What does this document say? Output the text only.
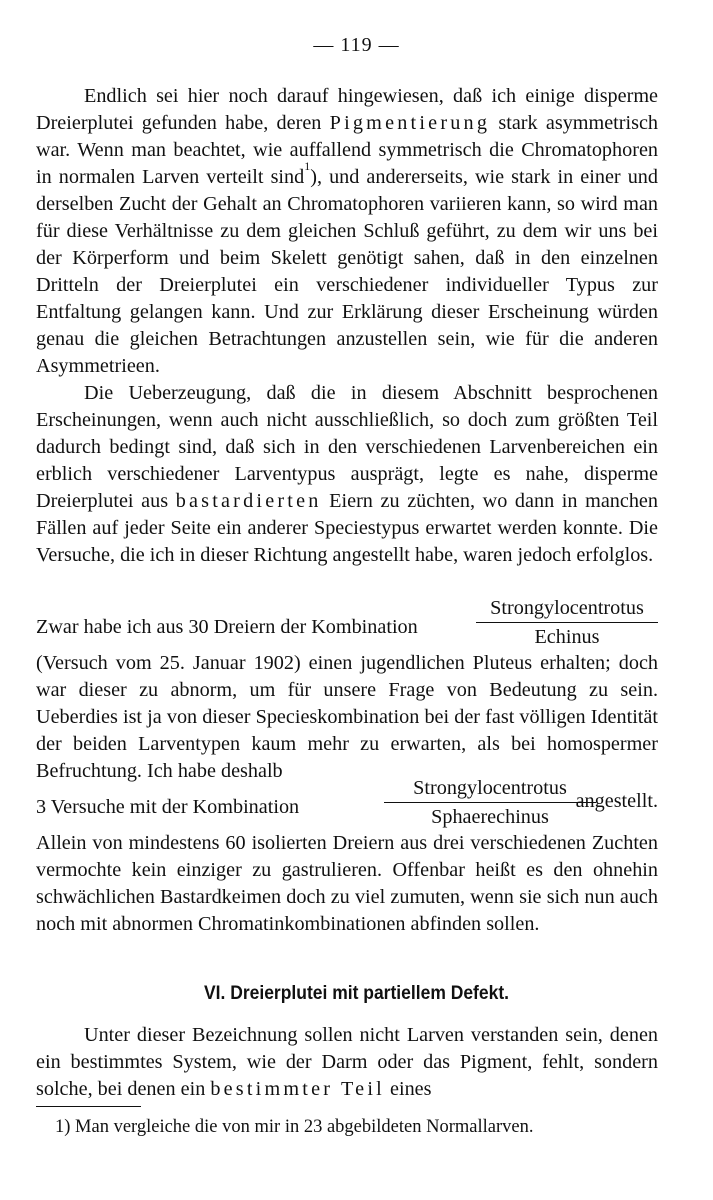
— 119 —

Endlich sei hier noch darauf hingewiesen, daß ich einige disperme Dreierplutei gefunden habe, deren Pigmentierung stark asymmetrisch war. Wenn man beachtet, wie auffallend symmetrisch die Chromatophoren in normalen Larven verteilt sind$^1$), und andererseits, wie stark in einer und derselben Zucht der Gehalt an Chromatophoren variieren kann, so wird man für diese Verhältnisse zu dem gleichen Schluß geführt, zu dem wir uns bei der Körperform und beim Skelett genötigt sahen, daß in den einzelnen Dritteln der Dreierplutei ein verschiedener individueller Typus zur Entfaltung gelangen kann. Und zur Erklärung dieser Erscheinung würden genau die gleichen Betrachtungen anzustellen sein, wie für die anderen Asymmetrieen.

Die Ueberzeugung, daß die in diesem Abschnitt besprochenen Erscheinungen, wenn auch nicht ausschließlich, so doch zum größten Teil dadurch bedingt sind, daß sich in den verschiedenen Larvenbereichen ein erblich verschiedener Larventypus ausprägt, legte es nahe, disperme Dreierplutei aus bastardierten Eiern zu züchten, wo dann in manchen Fällen auf jeder Seite ein anderer Speciestypus erwartet werden konnte. Die Versuche, die ich in dieser Richtung angestellt habe, waren jedoch erfolglos.

Zwar habe ich aus 30 Dreiern der Kombination
Strongylocentrotus
Echinus

(Versuch vom 25. Januar 1902) einen jugendlichen Pluteus erhalten; doch war dieser zu abnorm, um für unsere Frage von Bedeutung zu sein. Ueberdies ist ja von dieser Specieskombination bei der fast völligen Identität der beiden Larventypen kaum mehr zu erwarten, als bei homospermer Befruchtung. Ich habe deshalb

3 Versuche mit der Kombination
Strongylocentrotus
Sphaerechinus
angestellt.

Allein von mindestens 60 isolierten Dreiern aus drei verschiedenen Zuchten vermochte kein einziger zu gastrulieren. Offenbar heißt es den ohnehin schwächlichen Bastardkeimen doch zu viel zumuten, wenn sie sich nun auch noch mit abnormen Chromatinkombinationen abfinden sollen.

VI. Dreierplutei mit partiellem Defekt.

Unter dieser Bezeichnung sollen nicht Larven verstanden sein, denen ein bestimmtes System, wie der Darm oder das Pigment, fehlt, sondern solche, bei denen ein bestimmter Teil eines

1) Man vergleiche die von mir in 23 abgebildeten Normallarven.
